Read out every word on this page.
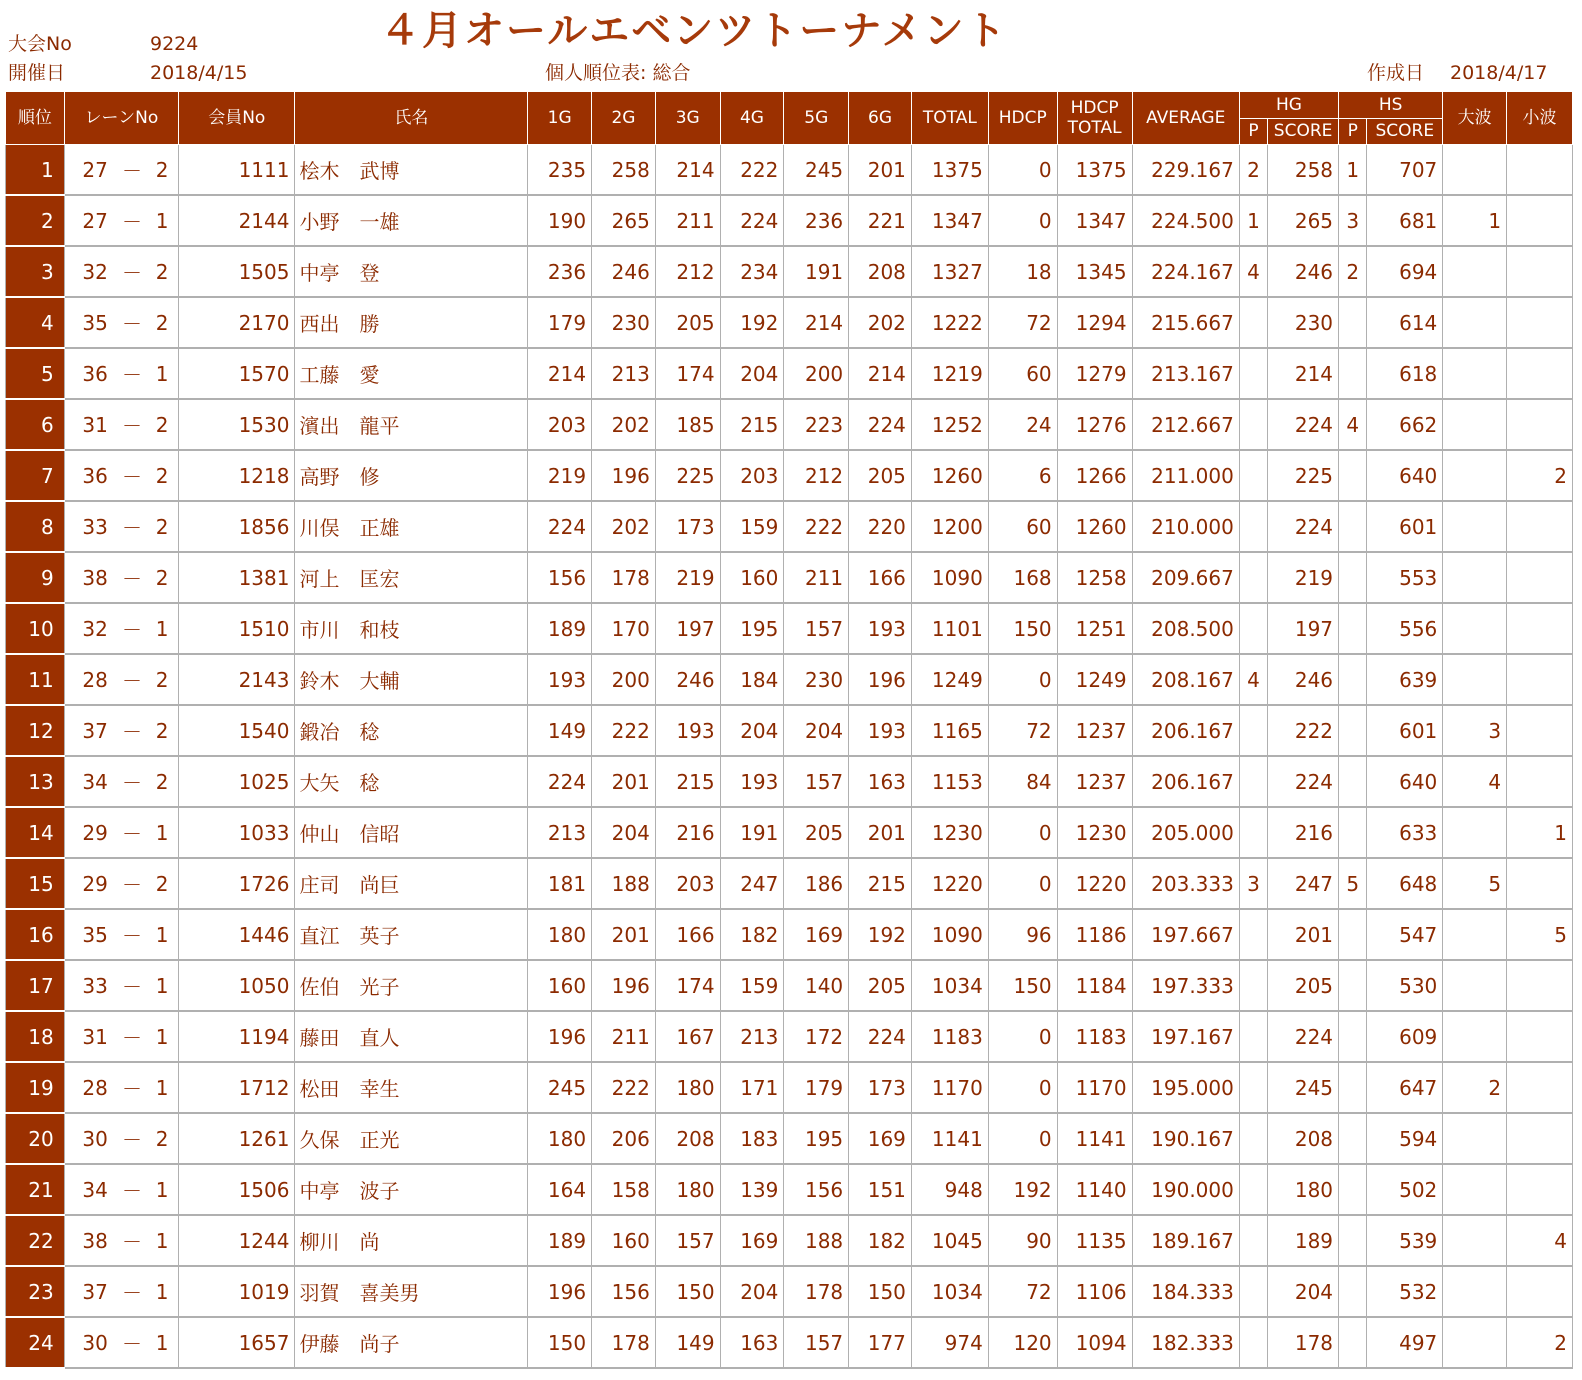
大会No	9224
開催日	2018/4/15
４月オールエベンツトーナメント
個人順位表: 総合	作成日 2018/4/17
順位	レーンNo			会員No	氏名	1G	2G	3G	4G	5G	6G	TOTAL	HDCP	HDCP
TOTAL	AVERAGE	HG		HS		大波	小波
																P	SCORE	P	SCORE		
1	27	－	2	1111	桧木　武博	235	258	214	222	245	201	1375	0	1375	229.167	2	258	1	707		
2	27	－	1	2144	小野　一雄	190	265	211	224	236	221	1347	0	1347	224.500	1	265	3	681	1	
3	32	－	2	1505	中亭　登	236	246	212	234	191	208	1327	18	1345	224.167	4	246	2	694		
4	35	－	2	2170	西出　勝	179	230	205	192	214	202	1222	72	1294	215.667		230		614		
5	36	－	1	1570	工藤　愛	214	213	174	204	200	214	1219	60	1279	213.167		214		618		
6	31	－	2	1530	濱出　龍平	203	202	185	215	223	224	1252	24	1276	212.667		224	4	662		
7	36	－	2	1218	高野　修	219	196	225	203	212	205	1260	6	1266	211.000		225		640		2
8	33	－	2	1856	川俣　正雄	224	202	173	159	222	220	1200	60	1260	210.000		224		601		
9	38	－	2	1381	河上　匡宏	156	178	219	160	211	166	1090	168	1258	209.667		219		553		
10	32	－	1	1510	市川　和枝	189	170	197	195	157	193	1101	150	1251	208.500		197		556		
11	28	－	2	2143	鈴木　大輔	193	200	246	184	230	196	1249	0	1249	208.167	4	246		639		
12	37	－	2	1540	鍛冶　稔	149	222	193	204	204	193	1165	72	1237	206.167		222		601	3	
13	34	－	2	1025	大矢　稔	224	201	215	193	157	163	1153	84	1237	206.167		224		640	4	
14	29	－	1	1033	仲山　信昭	213	204	216	191	205	201	1230	0	1230	205.000		216		633		1
15	29	－	2	1726	庄司　尚巨	181	188	203	247	186	215	1220	0	1220	203.333	3	247	5	648	5	
16	35	－	1	1446	直江　英子	180	201	166	182	169	192	1090	96	1186	197.667		201		547		5
17	33	－	1	1050	佐伯　光子	160	196	174	159	140	205	1034	150	1184	197.333		205		530		
18	31	－	1	1194	藤田　直人	196	211	167	213	172	224	1183	0	1183	197.167		224		609		
19	28	－	1	1712	松田　幸生	245	222	180	171	179	173	1170	0	1170	195.000		245		647	2	
20	30	－	2	1261	久保　正光	180	206	208	183	195	169	1141	0	1141	190.167		208		594		
21	34	－	1	1506	中亭　波子	164	158	180	139	156	151	948	192	1140	190.000		180		502		
22	38	－	1	1244	柳川　尚	189	160	157	169	188	182	1045	90	1135	189.167		189		539		4
23	37	－	1	1019	羽賀　喜美男	196	156	150	204	178	150	1034	72	1106	184.333		204		532		
24	30	－	1	1657	伊藤　尚子	150	178	149	163	157	177	974	120	1094	182.333		178		497		2
